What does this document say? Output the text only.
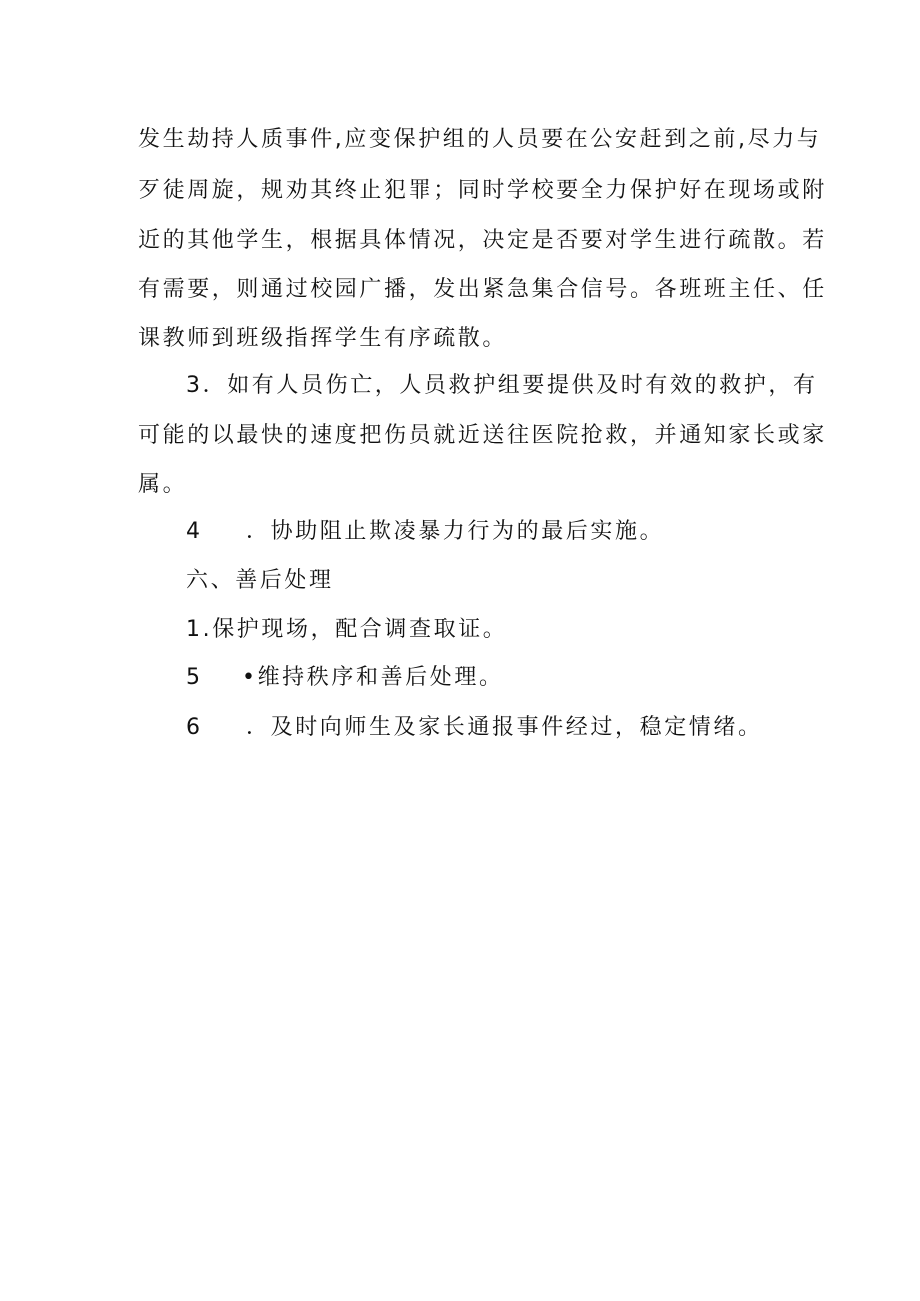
发生劫持人质事件,应变保护组的人员要在公安赶到之前,尽力与
歹徒周旋，规劝其终止犯罪；同时学校要全力保护好在现场或附
近的其他学生，根据具体情况，决定是否要对学生进行疏散。若
有需要，则通过校园广播，发出紧急集合信号。各班班主任、任
课教师到班级指挥学生有序疏散。
3．如有人员伤亡，人员救护组要提供及时有效的救护，有
可能的以最快的速度把伤员就近送往医院抢救，并通知家长或家
属。
4 ．协助阻止欺凌暴力行为的最后实施。
六、善后处理
1.保护现场，配合调查取证。
5 •维持秩序和善后处理。
6 ．及时向师生及家长通报事件经过，稳定情绪。
